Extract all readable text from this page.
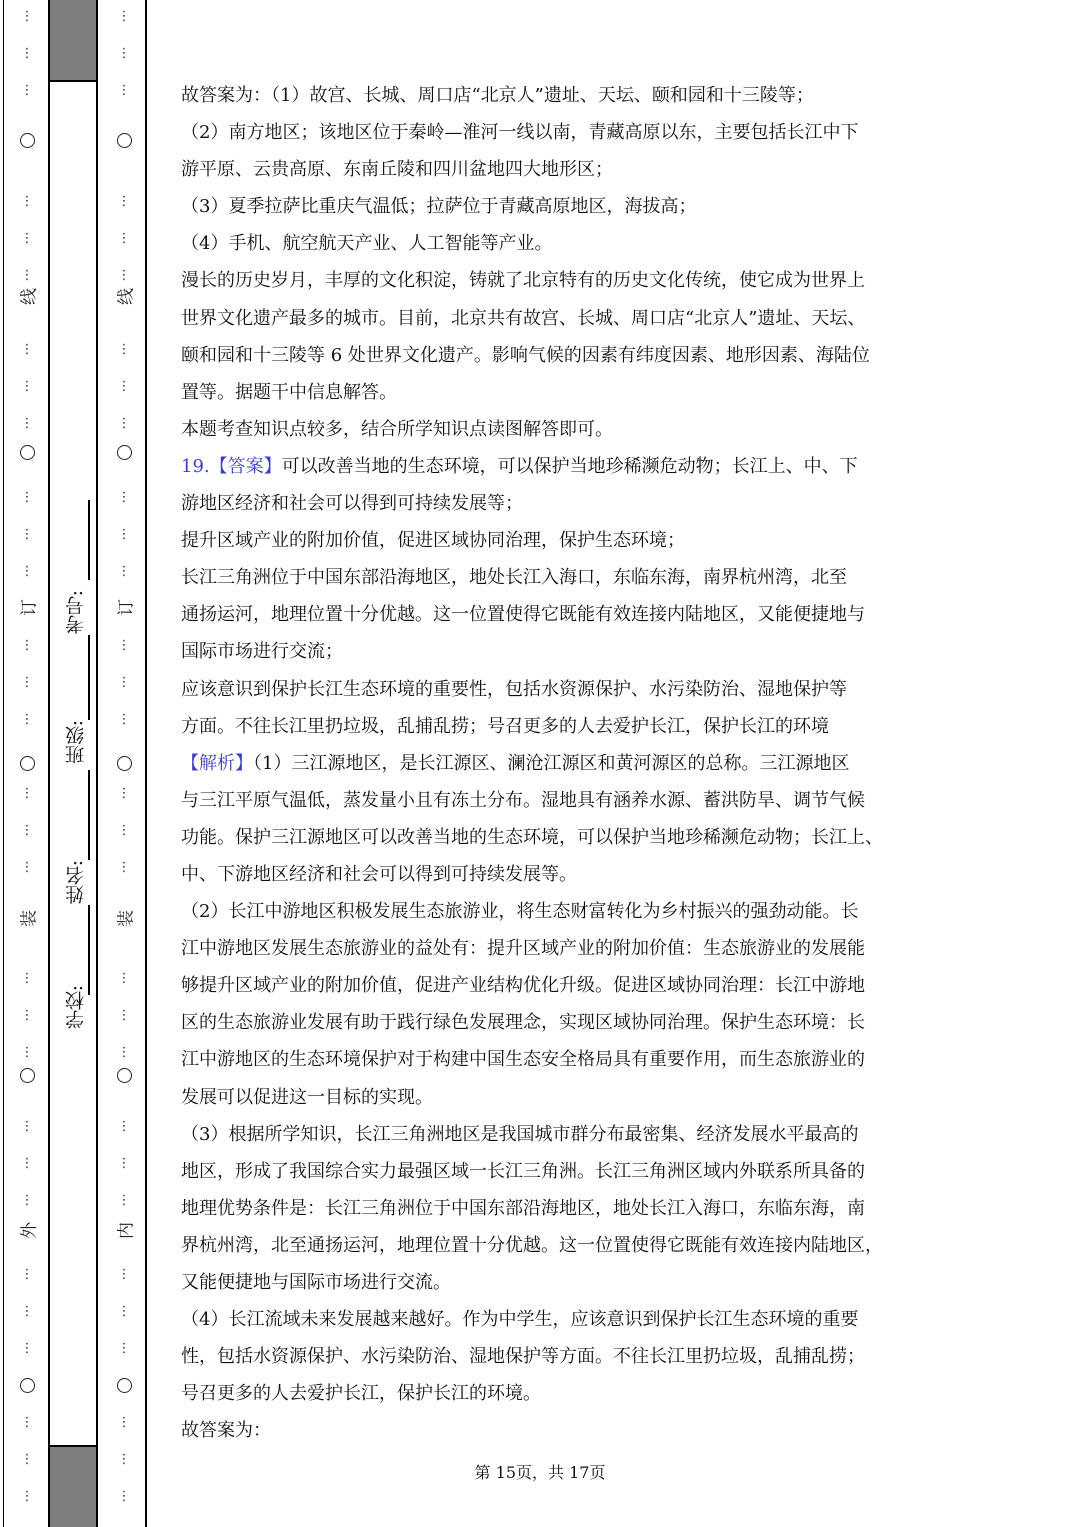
⋮
⋮
⋮
⋮
⋮
⋮
⋮
⋮
⋮
⋮
⋮
⋮
⋮
⋮
⋮
⋮
⋮
⋮
⋮
⋮
⋮
⋮
⋮
⋮
⋮
⋮
⋮
⋮
⋮
⋮
线
订
装
外
⋮
⋮
⋮
⋮
⋮
⋮
⋮
⋮
⋮
⋮
⋮
⋮
⋮
⋮
⋮
⋮
⋮
⋮
⋮
⋮
⋮
⋮
⋮
⋮
⋮
⋮
⋮
⋮
⋮
⋮
线
订
装
内
学校:
姓名:
班级:
考号:
故答案为：（1）故宫、长城、周口店“北京人”遗址、天坛、颐和园和十三陵等；
（2）南方地区；该地区位于秦岭—淮河一线以南，青藏高原以东，主要包括长江中下
游平原、云贵高原、东南丘陵和四川盆地四大地形区；
（3）夏季拉萨比重庆气温低；拉萨位于青藏高原地区，海拔高；
（4）手机、航空航天产业、人工智能等产业。
漫长的历史岁月，丰厚的文化积淀，铸就了北京特有的历史文化传统，使它成为世界上
世界文化遗产最多的城市。目前，北京共有故宫、长城、周口店“北京人”遗址、天坛、
颐和园和十三陵等 6 处世界文化遗产。影响气候的因素有纬度因素、地形因素、海陆位
置等。据题干中信息解答。
本题考查知识点较多，结合所学知识点读图解答即可。
19.【答案】可以改善当地的生态环境，可以保护当地珍稀濒危动物；长江上、中、下
游地区经济和社会可以得到可持续发展等；
提升区域产业的附加价值，促进区域协同治理，保护生态环境；
长江三角洲位于中国东部沿海地区，地处长江入海口，东临东海，南界杭州湾，北至
通扬运河，地理位置十分优越。这一位置使得它既能有效连接内陆地区，又能便捷地与
国际市场进行交流；
应该意识到保护长江生态环境的重要性，包括水资源保护、水污染防治、湿地保护等
方面。不往长江里扔垃圾，乱捕乱捞；号召更多的人去爱护长江，保护长江的环境
【解析】（1）三江源地区，是长江源区、澜沧江源区和黄河源区的总称。三江源地区
与三江平原气温低，蒸发量小且有冻土分布。湿地具有涵养水源、蓄洪防旱、调节气候
功能。保护三江源地区可以改善当地的生态环境，可以保护当地珍稀濒危动物；长江上、
中、下游地区经济和社会可以得到可持续发展等。
（2）长江中游地区积极发展生态旅游业，将生态财富转化为乡村振兴的强劲动能。长
江中游地区发展生态旅游业的益处有：提升区域产业的附加价值：生态旅游业的发展能
够提升区域产业的附加价值，促进产业结构优化升级。促进区域协同治理：长江中游地
区的生态旅游业发展有助于践行绿色发展理念，实现区域协同治理。保护生态环境：长
江中游地区的生态环境保护对于构建中国生态安全格局具有重要作用，而生态旅游业的
发展可以促进这一目标的实现。
（3）根据所学知识，长江三角洲地区是我国城市群分布最密集、经济发展水平最高的
地区，形成了我国综合实力最强区域一长江三角洲。长江三角洲区域内外联系所具备的
地理优势条件是：长江三角洲位于中国东部沿海地区，地处长江入海口，东临东海，南
界杭州湾，北至通扬运河，地理位置十分优越。这一位置使得它既能有效连接内陆地区，
又能便捷地与国际市场进行交流。
（4）长江流域未来发展越来越好。作为中学生，应该意识到保护长江生态环境的重要
性，包括水资源保护、水污染防治、湿地保护等方面。不往长江里扔垃圾，乱捕乱捞；
号召更多的人去爱护长江，保护长江的环境。
故答案为：
第 15页，共 17页
